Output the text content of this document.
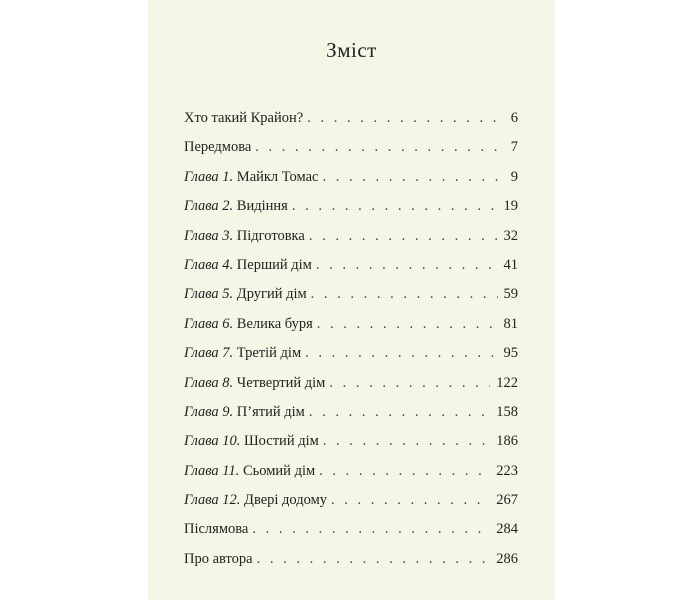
Зміст
Хто такий Крайон? . . .	6
Передмова . . .	7
Глава 1. Майкл Томас . . .	9
Глава 2. Видіння . . .	19
Глава 3. Підготовка . . .	32
Глава 4. Перший дім . . .	41
Глава 5. Другий дім . . .	59
Глава 6. Велика буря . . .	81
Глава 7. Третій дім . . .	95
Глава 8. Четвертий дім . . .	122
Глава 9. П’ятий дім . . .	158
Глава 10. Шостий дім . . .	186
Глава 11. Сьомий дім . . .	223
Глава 12. Двері додому . . .	267
Післямова . . .	284
Про автора . . .	286
